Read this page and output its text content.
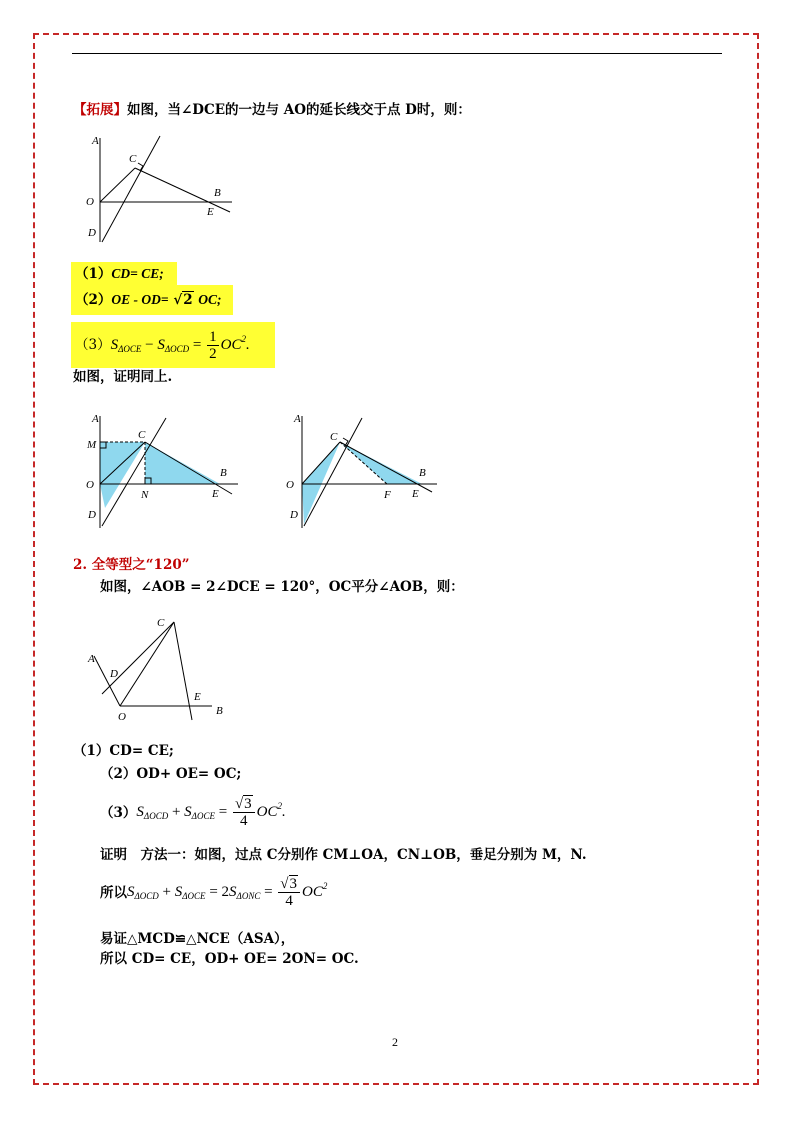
【拓展】如图，当∠DCE的一边与 AO的延长线交于点 D时，则：
A
C
O
D
B
E
（1）CD= CE;
（2）OE - OD= √2 OC;
（3） $S_{\Delta OCE} - S_{\Delta OCD} = \frac{1}{2} OC^2$.
如图，证明同上.
A
M
C
O
N
D
B
E
A
C
O
D
F
B
E
2. 全等型之“120”
如图，∠AOB = 2∠DCE = 120°，OC平分∠AOB，则：
A
D
C
O
E
B
（1）CD= CE;
（2）OD+ OE= OC;
（3） $S_{\Delta OCD} + S_{\Delta OCE} = \frac{√3}{4} OC^2$.
证明　方法一：如图，过点 C分别作 CM⊥OA，CN⊥OB，垂足分别为 M，N.
所以 $S_{\Delta OCD} + S_{\Delta OCE} = 2S_{\Delta ONC} = \frac{√3}{4} OC^2$
易证△MCD≌△NCE（ASA），
所以 CD= CE，OD+ OE= 2ON= OC.
2
